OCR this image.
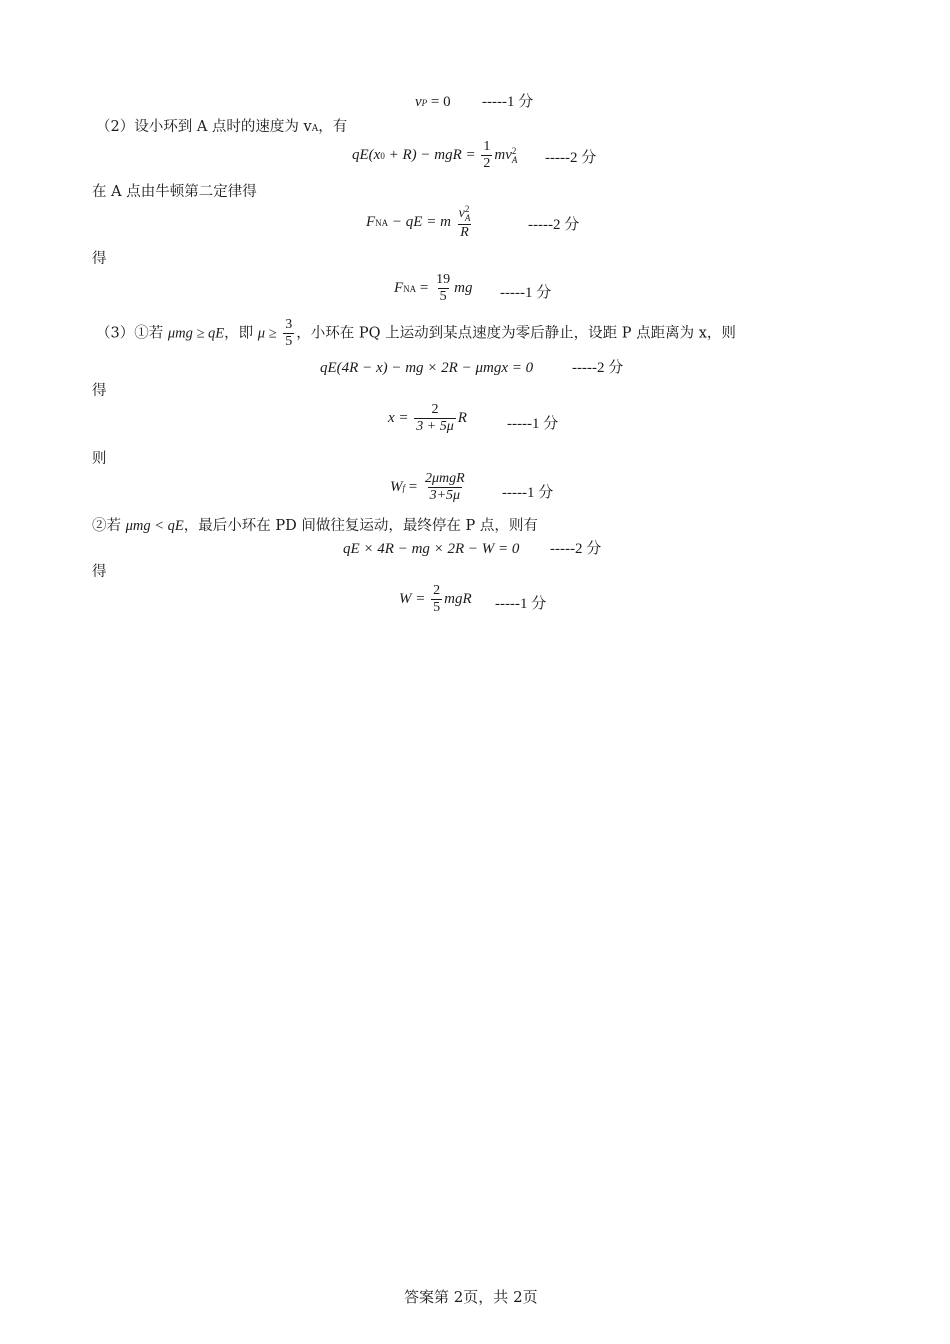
vP = 0 -----1 分
（2）设小环到 A 点时的速度为 vA，有
qE(x0 + R) − mgR = $\frac{1}{2}$ mv 2
A -----2 分
在 A 点由牛顿第二定律得
FNA − qE = m v 2
A
R	-----2 分
得
FNA = $\frac{19}{5}$ mg -----1 分
（3）①若 μmg ≥ qE，即 $\mu \ge \frac{3}{5}$ ，小环在 PQ 上运动到某点速度为零后静止，设距 P 点距离为 x，则
qE(4R − x) − mg × 2R − μmgx = 0	-----2 分
得
$x = \frac{2}{3 + 5\mu}$ R	-----1 分
则
$Wf = \frac{\text{2μmgR}}{3+5\mu} -----1$ 分
②若 μmg < qE，最后小环在 PD 间做往复运动，最终停在 P 点，则有
qE × 4R − mg × 2R − W = 0 -----2 分
得
$W = \frac{2}{5}$ mgR -----1 分
答案第 2页，共 2页
